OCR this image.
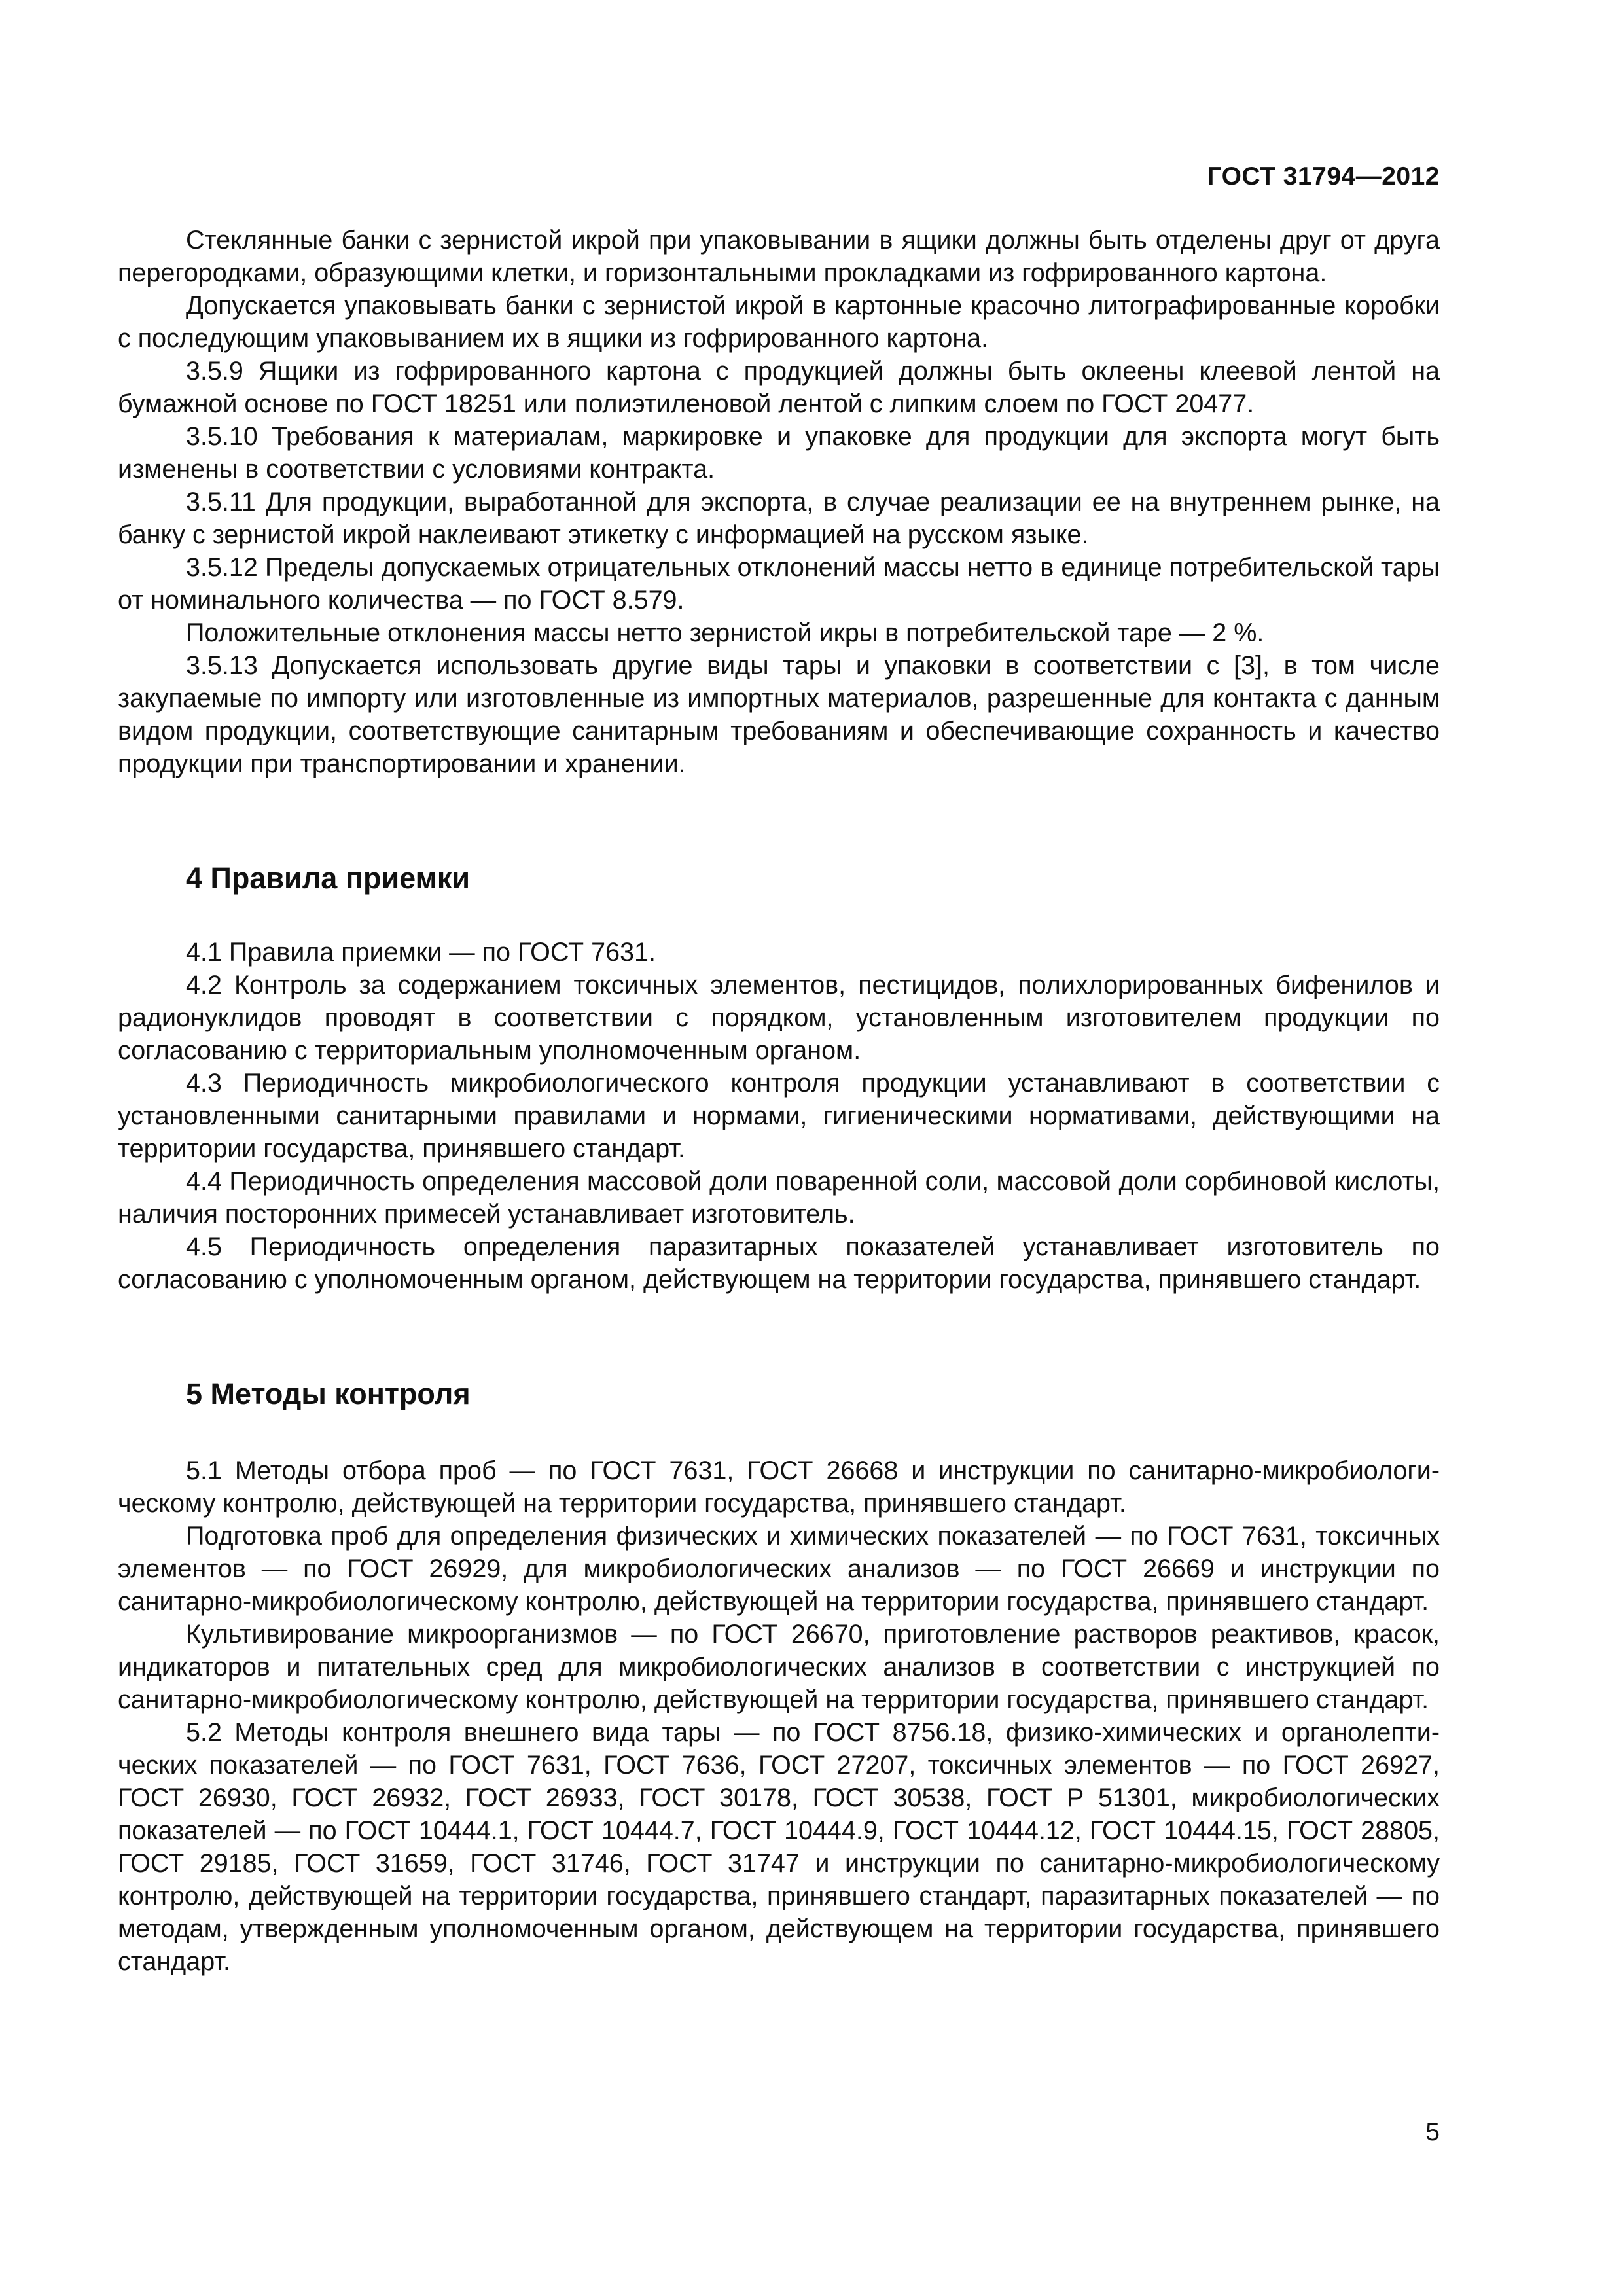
ГОСТ 31794—2012

Стеклянные банки с зернистой икрой при упаковывании в ящики должны быть отделены друг от друга перегородками, образующими клетки, и горизонтальными прокладками из гофрированного картона.

Допускается упаковывать банки с зернистой икрой в картонные красочно литографированные коробки с последующим упаковыванием их в ящики из гофрированного картона.

3.5.9 Ящики из гофрированного картона с продукцией должны быть оклеены клеевой лентой на бумажной основе по ГОСТ 18251 или полиэтиленовой лентой с липким слоем по ГОСТ 20477.

3.5.10 Требования к материалам, маркировке и упаковке для продукции для экспорта могут быть изменены в соответствии с условиями контракта.

3.5.11 Для продукции, выработанной для экспорта, в случае реализации ее на внутреннем рынке, на банку с зернистой икрой наклеивают этикетку с информацией на русском языке.

3.5.12 Пределы допускаемых отрицательных отклонений массы нетто в единице потребительской тары от номинального количества — по ГОСТ 8.579.

Положительные отклонения массы нетто зернистой икры в потребительской таре — 2 %.

3.5.13 Допускается использовать другие виды тары и упаковки в соответствии с [3], в том числе закупаемые по импорту или изготовленные из импортных материалов, разрешенные для контакта с данным видом продукции, соответствующие санитарным требованиям и обеспечивающие сохранность и качество продукции при транспортировании и хранении.

4 Правила приемки

4.1 Правила приемки — по ГОСТ 7631.

4.2 Контроль за содержанием токсичных элементов, пестицидов, полихлорированных бифенилов и радионуклидов проводят в соответствии с порядком, установленным изготовителем продукции по согласованию с территориальным уполномоченным органом.

4.3 Периодичность микробиологического контроля продукции устанавливают в соответствии с установленными санитарными правилами и нормами, гигиеническими нормативами, действующими на территории государства, принявшего стандарт.

4.4 Периодичность определения массовой доли поваренной соли, массовой доли сорбиновой кислоты, наличия посторонних примесей устанавливает изготовитель.

4.5 Периодичность определения паразитарных показателей устанавливает изготовитель по согласованию с уполномоченным органом, действующем на территории государства, принявшего стандарт.

5 Методы контроля

5.1 Методы отбора проб — по ГОСТ 7631, ГОСТ 26668 и инструкции по санитарно-микробиологическому контролю, действующей на территории государства, принявшего стандарт.

Подготовка проб для определения физических и химических показателей — по ГОСТ 7631, токсичных элементов — по ГОСТ 26929, для микробиологических анализов — по ГОСТ 26669 и инструкции по санитарно-микробиологическому контролю, действующей на территории государства, принявшего стандарт.

Культивирование микроорганизмов — по ГОСТ 26670, приготовление растворов реактивов, красок, индикаторов и питательных сред для микробиологических анализов в соответствии с инструкцией по санитарно-микробиологическому контролю, действующей на территории государства, принявшего стандарт.

5.2 Методы контроля внешнего вида тары — по ГОСТ 8756.18, физико-химических и органолептических показателей — по ГОСТ 7631, ГОСТ 7636, ГОСТ 27207, токсичных элементов — по ГОСТ 26927, ГОСТ 26930, ГОСТ 26932, ГОСТ 26933, ГОСТ 30178, ГОСТ 30538, ГОСТ Р 51301, микробиологических показателей — по ГОСТ 10444.1, ГОСТ 10444.7, ГОСТ 10444.9, ГОСТ 10444.12, ГОСТ 10444.15, ГОСТ 28805, ГОСТ 29185, ГОСТ 31659, ГОСТ 31746, ГОСТ 31747 и инструкции по санитарно-микробиологическому контролю, действующей на территории государства, принявшего стандарт, паразитарных показателей — по методам, утвержденным уполномоченным органом, действующем на территории государства, принявшего стандарт.

5
